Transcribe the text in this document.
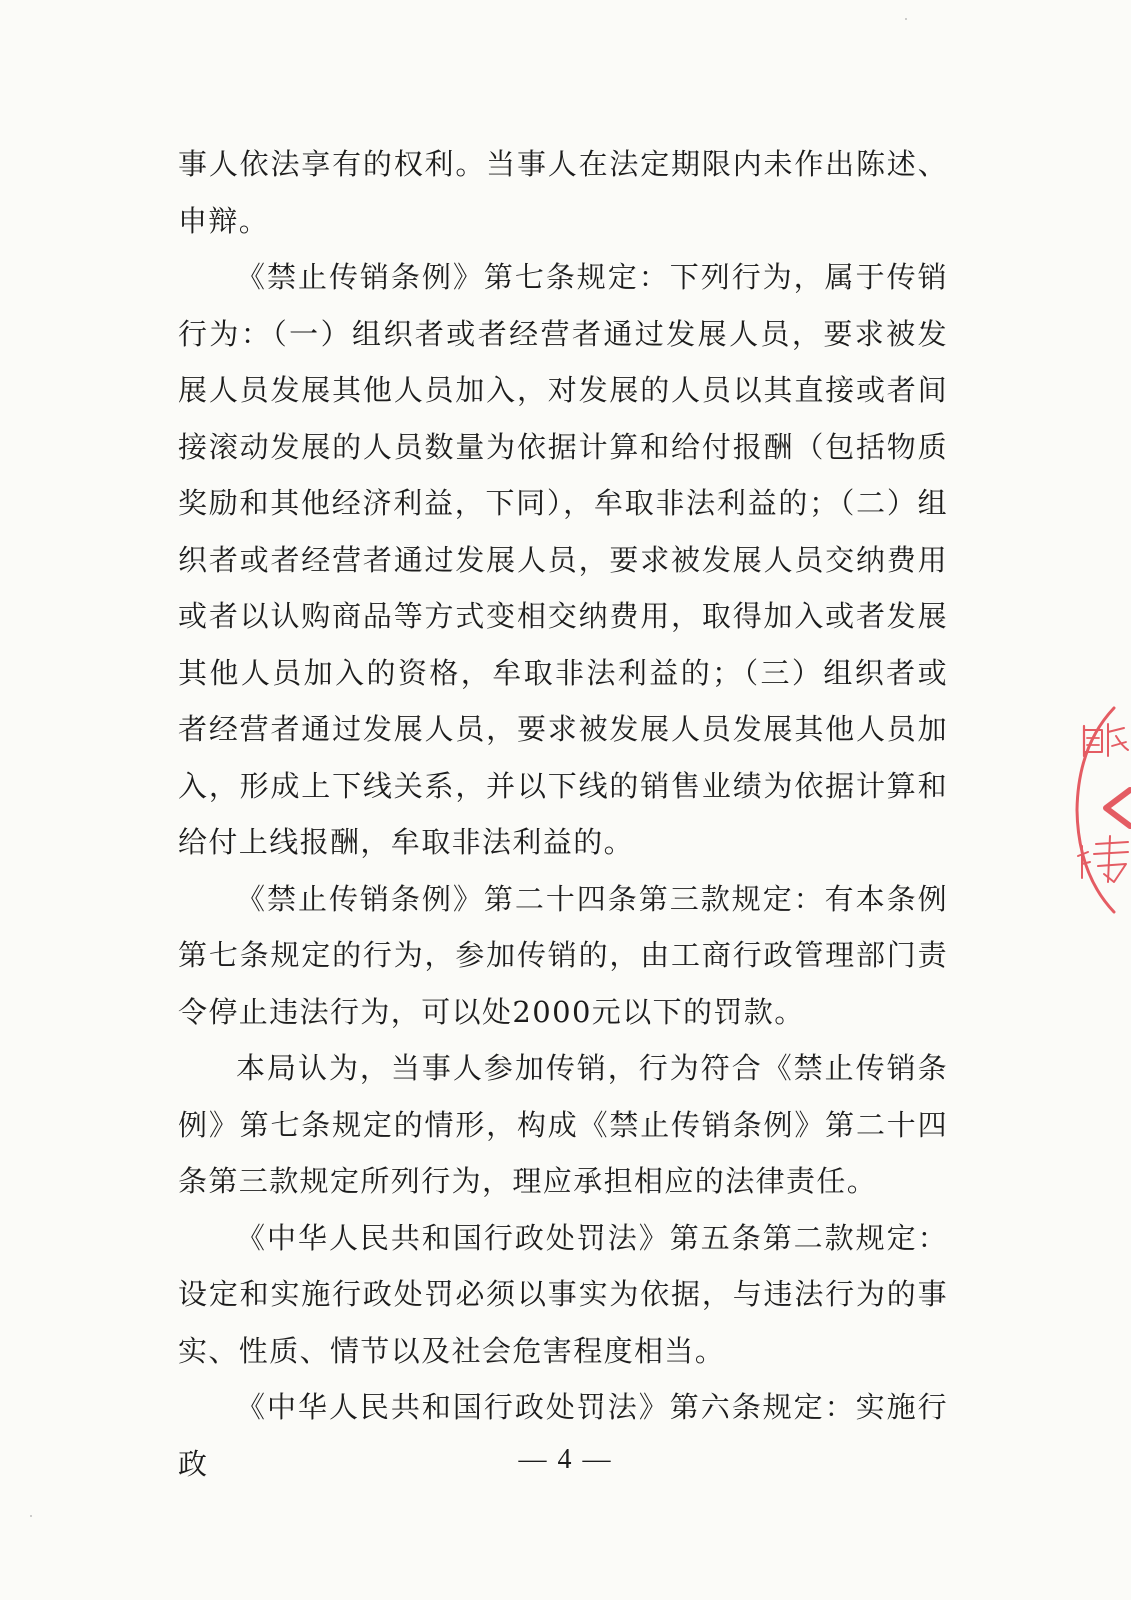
事人依法享有的权利。当事人在法定期限内未作出陈述、申辩。

《禁止传销条例》第七条规定：下列行为，属于传销行为：（一）组织者或者经营者通过发展人员，要求被发展人员发展其他人员加入，对发展的人员以其直接或者间接滚动发展的人员数量为依据计算和给付报酬（包括物质奖励和其他经济利益，下同），牟取非法利益的；（二）组织者或者经营者通过发展人员，要求被发展人员交纳费用或者以认购商品等方式变相交纳费用，取得加入或者发展其他人员加入的资格，牟取非法利益的；（三）组织者或者经营者通过发展人员，要求被发展人员发展其他人员加入，形成上下线关系，并以下线的销售业绩为依据计算和给付上线报酬，牟取非法利益的。

《禁止传销条例》第二十四条第三款规定：有本条例第七条规定的行为，参加传销的，由工商行政管理部门责令停止违法行为，可以处2000元以下的罚款。

本局认为，当事人参加传销，行为符合《禁止传销条例》第七条规定的情形，构成《禁止传销条例》第二十四条第三款规定所列行为，理应承担相应的法律责任。

《中华人民共和国行政处罚法》第五条第二款规定：设定和实施行政处罚必须以事实为依据，与违法行为的事实、性质、情节以及社会危害程度相当。

《中华人民共和国行政处罚法》第六条规定：实施行政	— 4 —
